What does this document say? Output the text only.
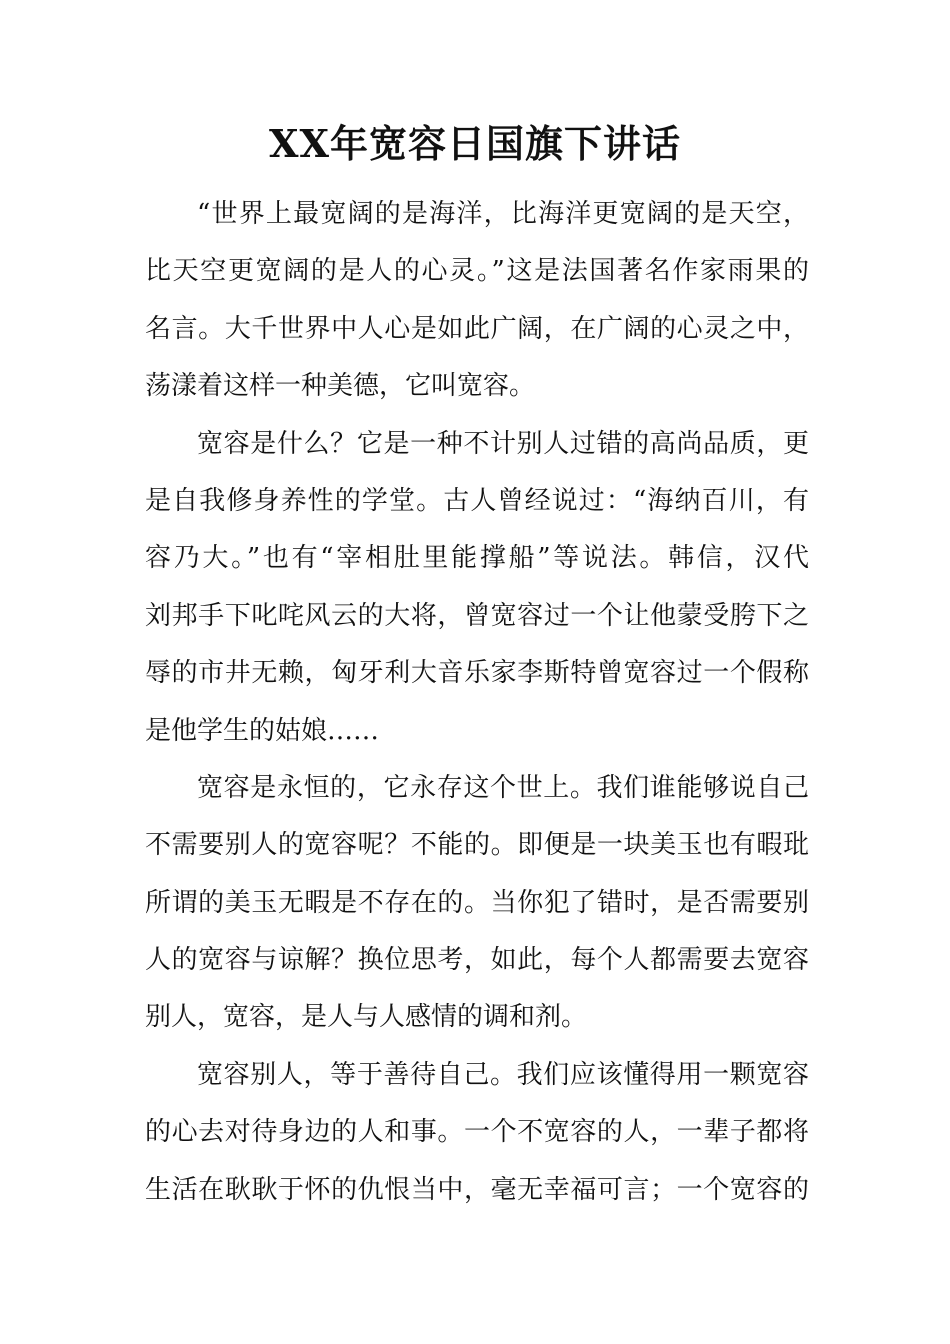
XX年宽容日国旗下讲话
“世界上最宽阔的是海洋，比海洋更宽阔的是天空，
比天空更宽阔的是人的心灵。”这是法国著名作家雨果的
名言。大千世界中人心是如此广阔，在广阔的心灵之中，
荡漾着这样一种美德，它叫宽容。
宽容是什么？它是一种不计别人过错的高尚品质，更
是自我修身养性的学堂。古人曾经说过：“海纳百川，有
容乃大。”也有“宰相肚里能撑船”等说法。韩信，汉代
刘邦手下叱咤风云的大将，曾宽容过一个让他蒙受胯下之
辱的市井无赖，匈牙利大音乐家李斯特曾宽容过一个假称
是他学生的姑娘……
宽容是永恒的，它永存这个世上。我们谁能够说自己
不需要别人的宽容呢？不能的。即便是一块美玉也有暇玭
所谓的美玉无暇是不存在的。当你犯了错时，是否需要别
人的宽容与谅解？换位思考，如此，每个人都需要去宽容
别人，宽容，是人与人感情的调和剂。
宽容别人，等于善待自己。我们应该懂得用一颗宽容
的心去对待身边的人和事。一个不宽容的人，一辈子都将
生活在耿耿于怀的仇恨当中，毫无幸福可言；一个宽容的
